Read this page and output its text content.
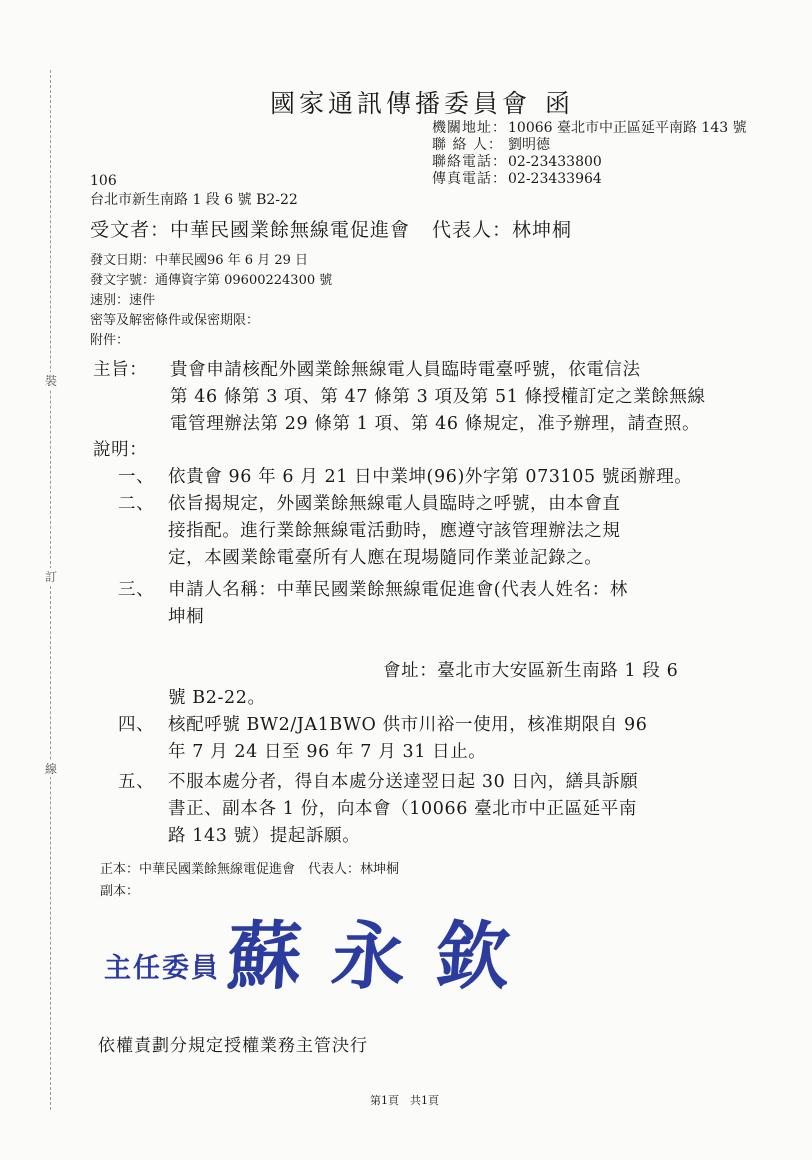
裝
訂
線
國家通訊傳播委員會 函
機關地址：10066 臺北市中正區延平南路 143 號
聯 絡 人： 劉明德
聯絡電話：02-23433800
傳真電話：02-23433964
106
台北市新生南路 1 段 6 號 B2-22
受文者：中華民國業餘無線電促進會 代表人：林坤桐
發文日期：中華民國96 年 6 月 29 日
發文字號：通傳資字第 09600224300 號
速別：速件
密等及解密條件或保密期限：
附件：
主旨： 貴會申請核配外國業餘無線電人員臨時電臺呼號，依電信法
第 46 條第 3 項、第 47 條第 3 項及第 51 條授權訂定之業餘無線
電管理辦法第 29 條第 1 項、第 46 條規定，准予辦理，請查照。
說明：
一、 依貴會 96 年 6 月 21 日中業坤(96)外字第 073105 號函辦理。
二、 依旨揭規定，外國業餘無線電人員臨時之呼號，由本會直
接指配。進行業餘無線電活動時，應遵守該管理辦法之規
定，本國業餘電臺所有人應在現場隨同作業並記錄之。
三、 申請人名稱：中華民國業餘無線電促進會(代表人姓名：林
坤桐
會址：臺北市大安區新生南路 1 段 6
號 B2-22。
四、 核配呼號 BW2/JA1BWO 供市川裕一使用，核准期限自 96
年 7 月 24 日至 96 年 7 月 31 日止。
五、 不服本處分者，得自本處分送達翌日起 30 日內，繕具訴願
書正、副本各 1 份，向本會（10066 臺北市中正區延平南
路 143 號）提起訴願。
正本：中華民國業餘無線電促進會　代表人：林坤桐
副本：
主任委員 蘇永欽
依權責劃分規定授權業務主管決行
第1頁　共1頁
